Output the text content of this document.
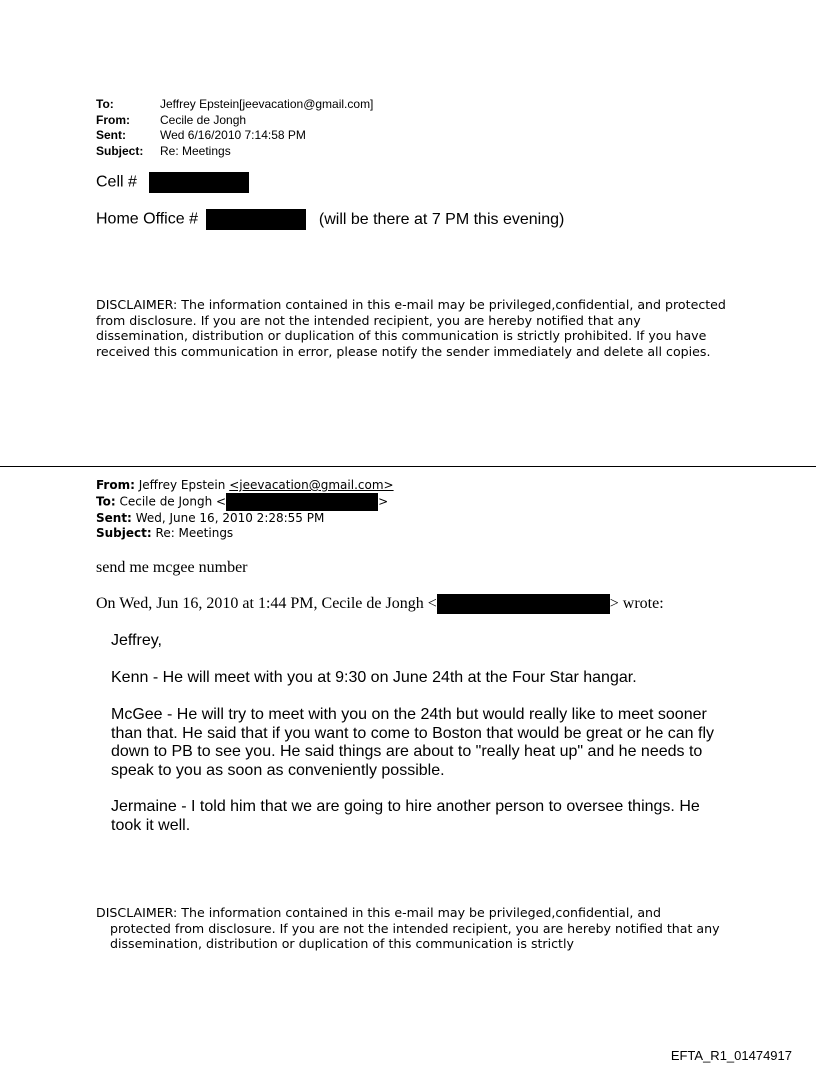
To:	Jeffrey Epstein[jeevacation@gmail.com]
From:	Cecile de Jongh
Sent:	Wed 6/16/2010 7:14:58 PM
Subject:	Re: Meetings
Cell #
Home Office #	(will be there at 7 PM this evening)
DISCLAIMER: The information contained in this e-mail may be privileged,confidential, and protected from disclosure. If you are not the intended recipient, you are hereby notified that any dissemination, distribution or duplication of this communication is strictly prohibited. If you have received this communication in error, please notify the sender immediately and delete all copies.
From: Jeffrey Epstein <jeevacation@gmail.com>
To: Cecile de Jongh <	>
Sent: Wed, June 16, 2010 2:28:55 PM
Subject: Re: Meetings
send me mcgee number
On Wed, Jun 16, 2010 at 1:44 PM, Cecile de Jongh <	> wrote:
Jeffrey,
Kenn - He will meet with you at 9:30 on June 24th at the Four Star hangar.
McGee - He will try to meet with you on the 24th but would really like to meet sooner than that. He said that if you want to come to Boston that would be great or he can fly down to PB to see you. He said things are about to "really heat up" and he needs to speak to you as soon as conveniently possible.
Jermaine - I told him that we are going to hire another person to oversee things. He took it well.
DISCLAIMER: The information contained in this e-mail may be privileged,confidential, and
protected from disclosure. If you are not the intended recipient, you are hereby notified that any dissemination, distribution or duplication of this communication is strictly
EFTA_R1_01474917
